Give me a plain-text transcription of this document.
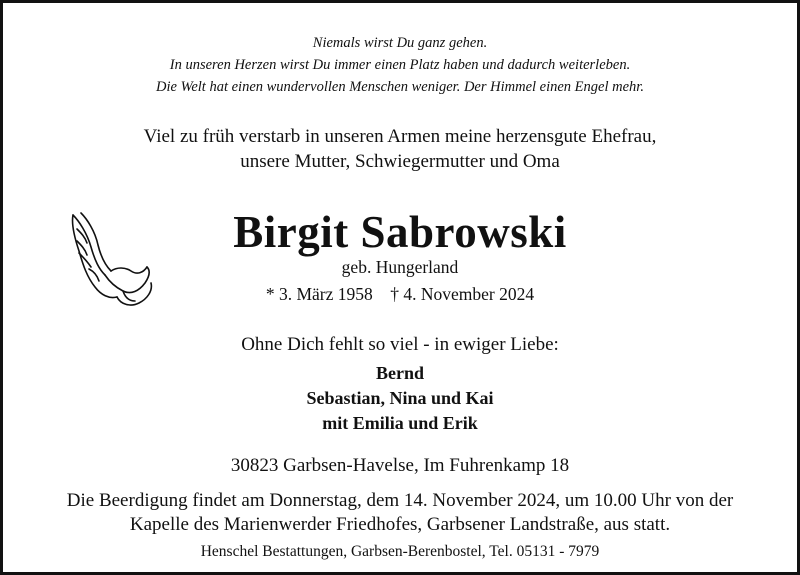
Niemals wirst Du ganz gehen.
In unseren Herzen wirst Du immer einen Platz haben und dadurch weiterleben.
Die Welt hat einen wundervollen Menschen weniger. Der Himmel einen Engel mehr.
Viel zu früh verstarb in unseren Armen meine herzensgute Ehefrau,
unsere Mutter, Schwiegermutter und Oma
Birgit Sabrowski
geb. Hungerland
* 3. März 1958    † 4. November 2024
Ohne Dich fehlt so viel - in ewiger Liebe:
Bernd
Sebastian, Nina und Kai
mit Emilia und Erik
30823 Garbsen-Havelse, Im Fuhrenkamp 18
Die Beerdigung findet am Donnerstag, dem 14. November 2024, um 10.00 Uhr von der
Kapelle des Marienwerder Friedhofes, Garbsener Landstraße, aus statt.
Henschel Bestattungen, Garbsen-Berenbostel, Tel. 05131 - 7979
